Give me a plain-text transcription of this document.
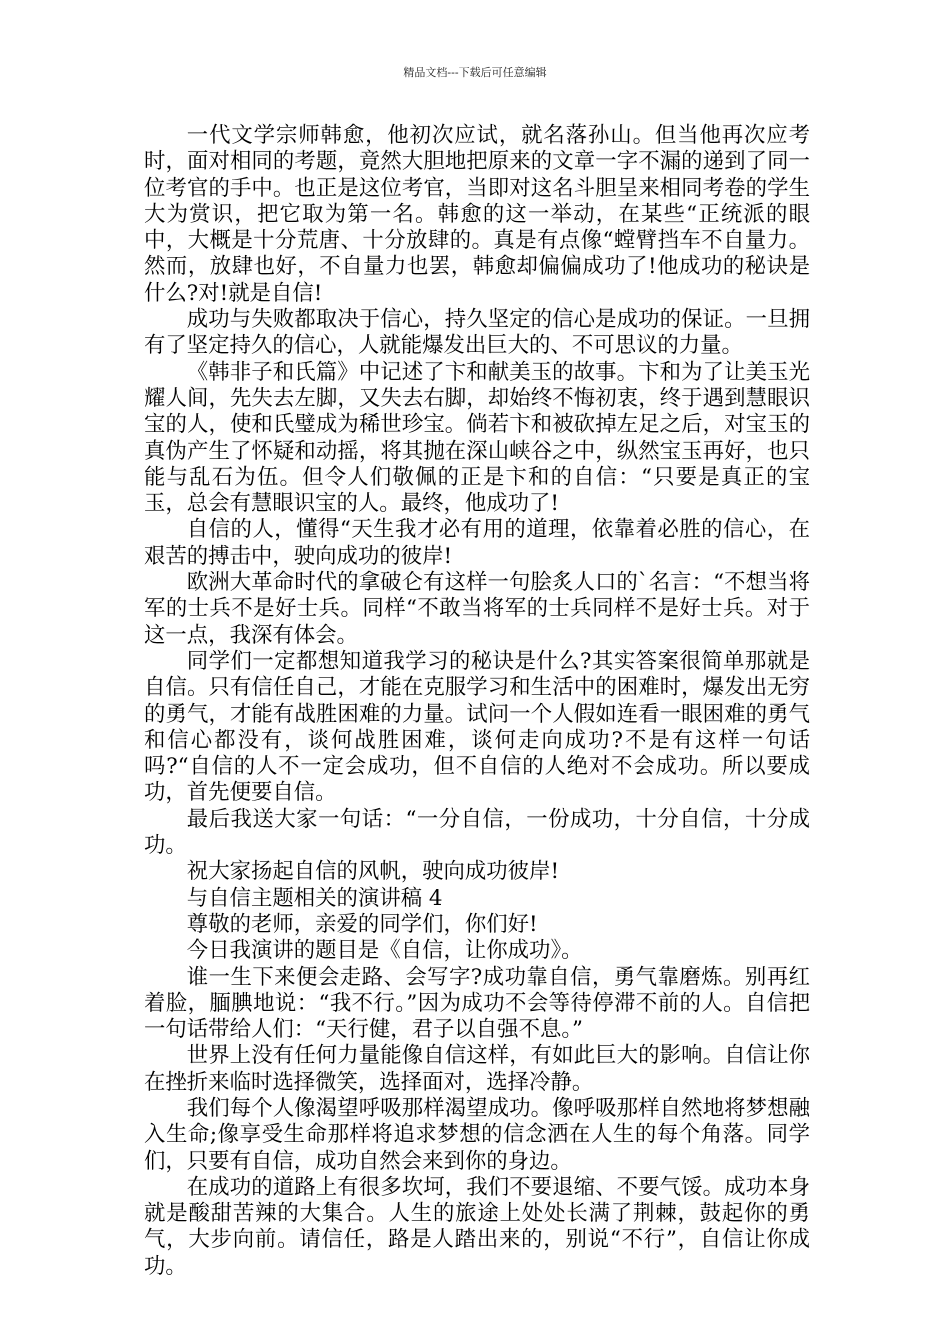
精品文档---下载后可任意编辑

一代文学宗师韩愈，他初次应试，就名落孙山。但当他再次应考时，面对相同的考题，竟然大胆地把原来的文章一字不漏的递到了同一位考官的手中。也正是这位考官，当即对这名斗胆呈来相同考卷的学生大为赏识，把它取为第一名。韩愈的这一举动，在某些“正统派的眼中，大概是十分荒唐、十分放肆的。真是有点像“螳臂挡车不自量力。然而，放肆也好，不自量力也罢，韩愈却偏偏成功了!他成功的秘诀是什么?对!就是自信!

成功与失败都取决于信心，持久坚定的信心是成功的保证。一旦拥有了坚定持久的信心，人就能爆发出巨大的、不可思议的力量。

《韩非子和氏篇》中记述了卞和献美玉的故事。卞和为了让美玉光耀人间，先失去左脚，又失去右脚，却始终不悔初衷，终于遇到慧眼识宝的人，使和氏璧成为稀世珍宝。倘若卞和被砍掉左足之后，对宝玉的真伪产生了怀疑和动摇，将其抛在深山峡谷之中，纵然宝玉再好，也只能与乱石为伍。但令人们敬佩的正是卞和的自信：“只要是真正的宝玉，总会有慧眼识宝的人。最终，他成功了!

自信的人，懂得“天生我才必有用的道理，依靠着必胜的信心，在艰苦的搏击中，驶向成功的彼岸!

欧洲大革命时代的拿破仑有这样一句脍炙人口的`名言：“不想当将军的士兵不是好士兵。同样“不敢当将军的士兵同样不是好士兵。对于这一点，我深有体会。

同学们一定都想知道我学习的秘诀是什么?其实答案很简单那就是自信。只有信任自己，才能在克服学习和生活中的困难时，爆发出无穷的勇气，才能有战胜困难的力量。试问一个人假如连看一眼困难的勇气和信心都没有，谈何战胜困难，谈何走向成功?不是有这样一句话吗?“自信的人不一定会成功，但不自信的人绝对不会成功。所以要成功，首先便要自信。

最后我送大家一句话：“一分自信，一份成功，十分自信，十分成功。

祝大家扬起自信的风帆，驶向成功彼岸!

与自信主题相关的演讲稿 4

尊敬的老师，亲爱的同学们，你们好!

今日我演讲的题目是《自信，让你成功》。

谁一生下来便会走路、会写字?成功靠自信，勇气靠磨炼。别再红着脸，腼腆地说：“我不行。”因为成功不会等待停滞不前的人。自信把一句话带给人们：“天行健，君子以自强不息。”

世界上没有任何力量能像自信这样，有如此巨大的影响。自信让你在挫折来临时选择微笑，选择面对，选择冷静。

我们每个人像渴望呼吸那样渴望成功。像呼吸那样自然地将梦想融入生命;像享受生命那样将追求梦想的信念洒在人生的每个角落。同学们，只要有自信，成功自然会来到你的身边。

在成功的道路上有很多坎坷，我们不要退缩、不要气馁。成功本身就是酸甜苦辣的大集合。人生的旅途上处处长满了荆棘，鼓起你的勇气，大步向前。请信任，路是人踏出来的，别说“不行”，自信让你成功。
